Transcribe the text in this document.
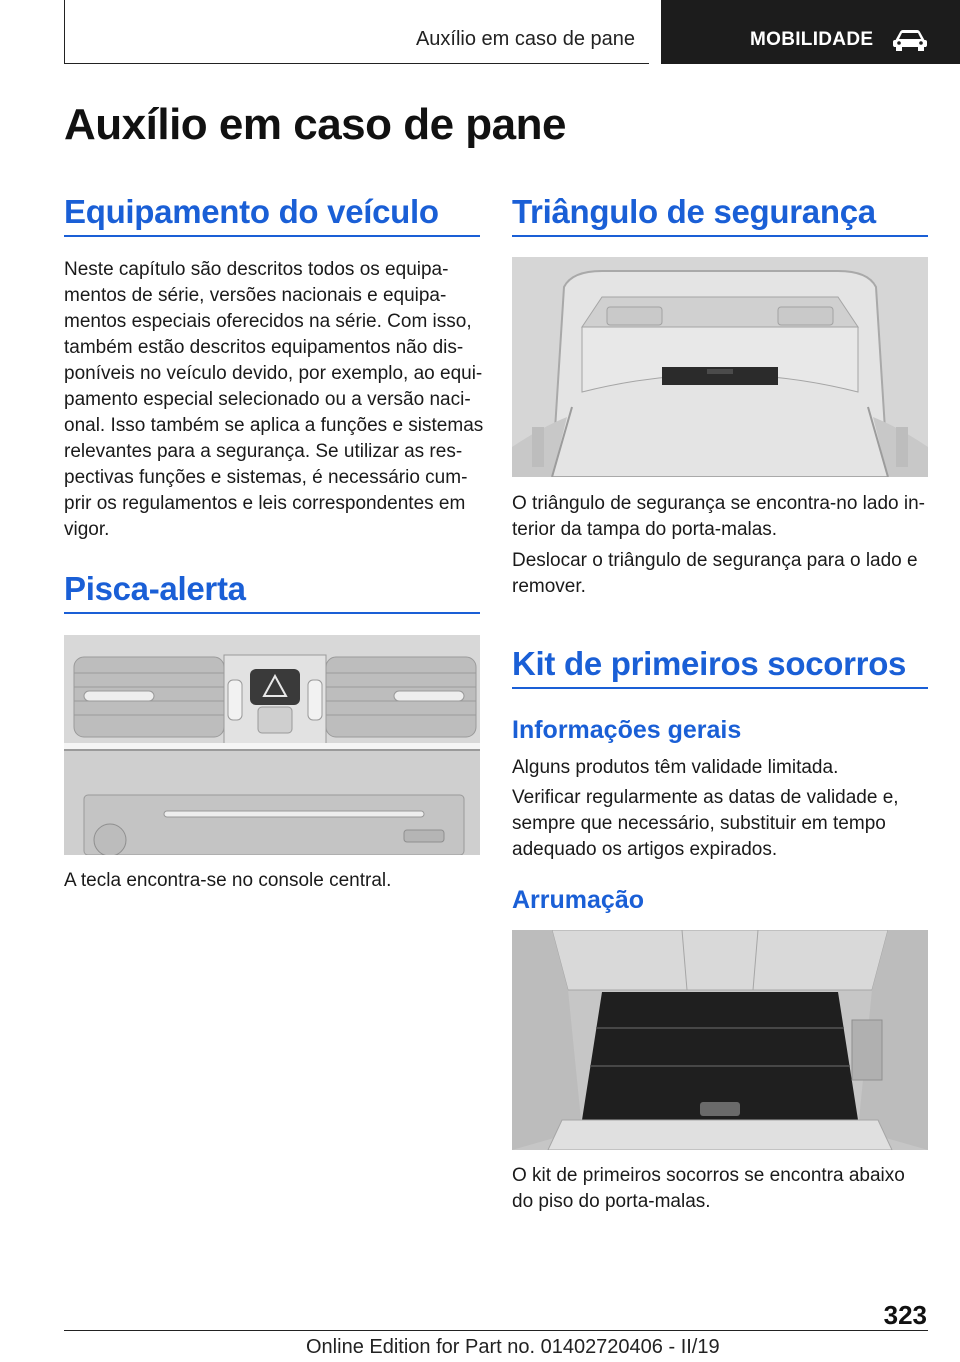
Auxílio em caso de pane	MOBILIDADE
Auxílio em caso de pane
Equipamento do veículo
Neste capítulo são descritos todos os equipa‐
mentos de série, versões nacionais e equipa‐
mentos especiais oferecidos na série. Com isso,
também estão descritos equipamentos não dis‐
poníveis no veículo devido, por exemplo, ao equi‐
pamento especial selecionado ou a versão naci‐
onal. Isso também se aplica a funções e sistemas
relevantes para a segurança. Se utilizar as res‐
pectivas funções e sistemas, é necessário cum‐
prir os regulamentos e leis correspondentes em
vigor.
Pisca-alerta
A tecla encontra-se no console central.
Triângulo de segurança
O triângulo de segurança se encontra-no lado in‐
terior da tampa do porta-malas.
Deslocar o triângulo de segurança para o lado e
remover.
Kit de primeiros socorros
Informações gerais
Alguns produtos têm validade limitada.
Verificar regularmente as datas de validade e,
sempre que necessário, substituir em tempo
adequado os artigos expirados.
Arrumação
O kit de primeiros socorros se encontra abaixo
do piso do porta-malas.
323
Online Edition for Part no. 01402720406 - II/19
